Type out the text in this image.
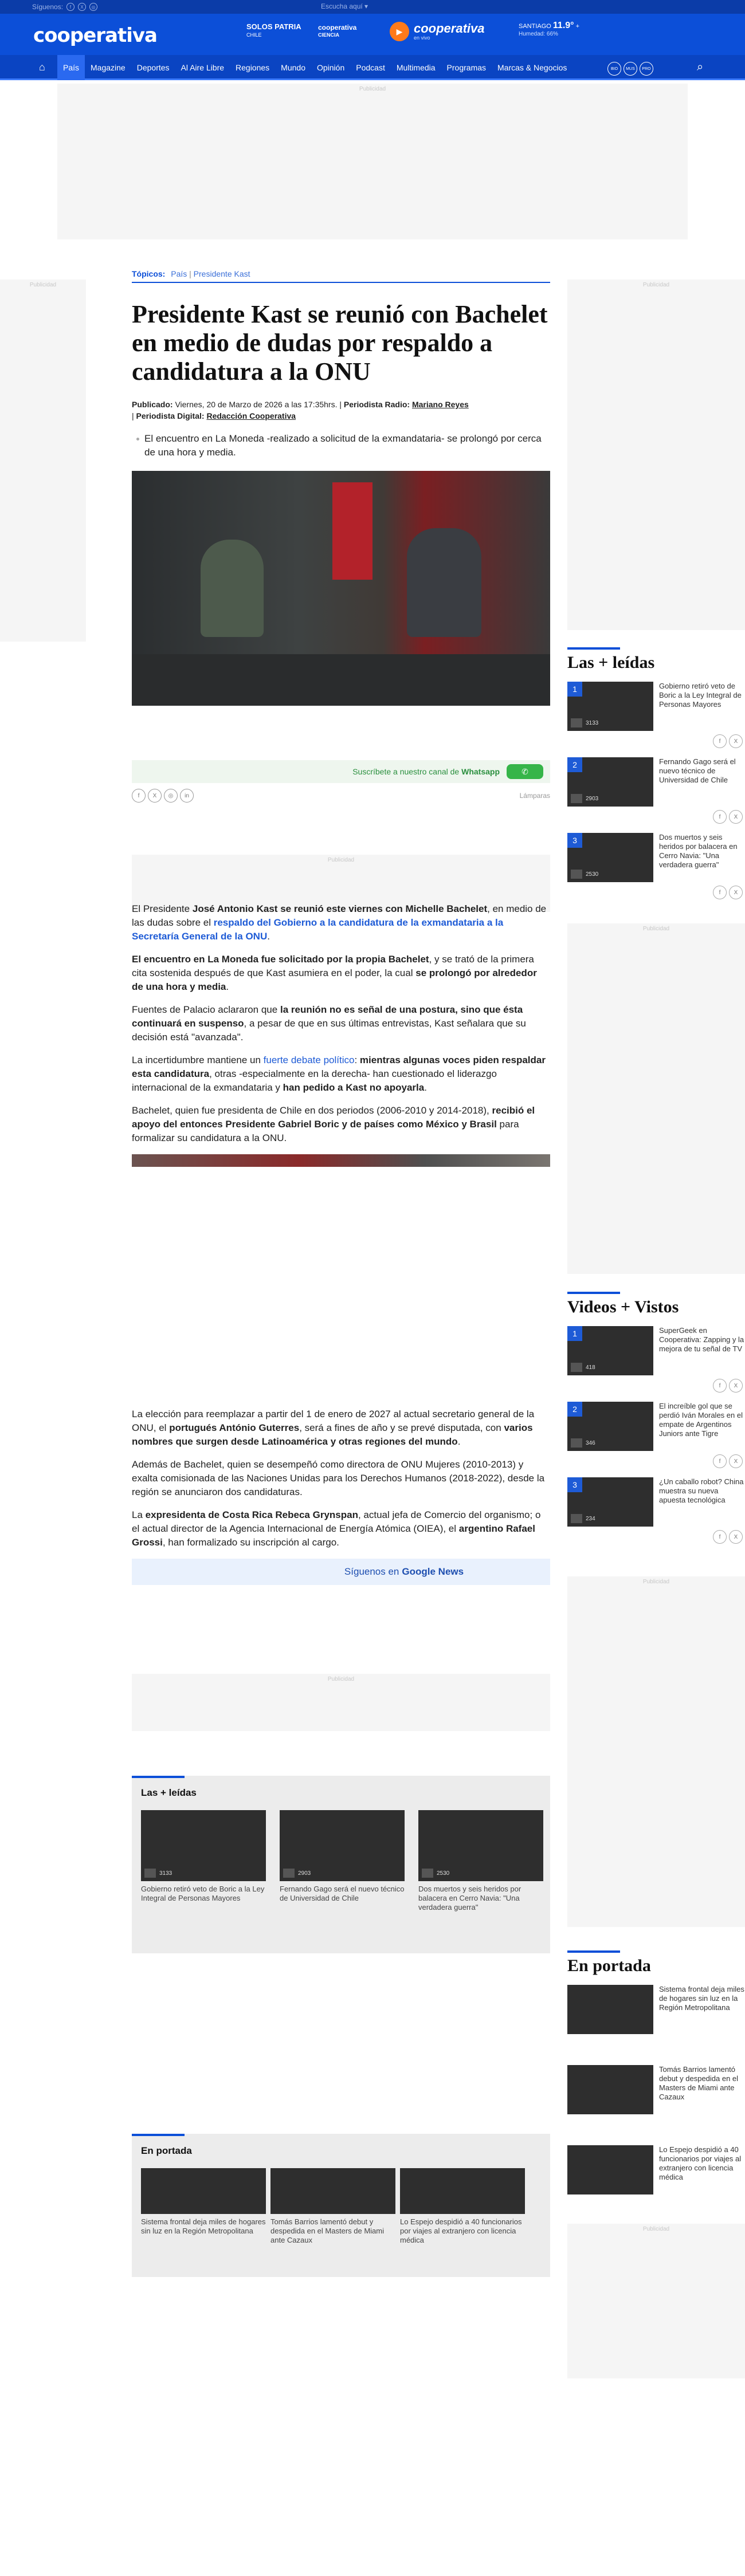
Síguenos:	f	X	◎	Escucha aquí ▾
cooperativa	SOLOS PATRIA
CHILE
cooperativa
CIENCIA	▶ cooperativa
en vivo
SANTIAGO 11.9° +
Humedad: 66%
⌂	País	Magazine	Deportes	Al Aire Libre	Regiones	Mundo	Opinión	Podcast	Multimedia	Programas	Marcas & Negocios	BIO	MUS	PRO	⌕
Publicidad
Publicidad	Publicidad
Publicidad
Publicidad
Publicidad
Publicidad
Publicidad
Tópicos: País | Presidente Kast
Presidente Kast se reunió con Bachelet en medio de dudas por respaldo a candidatura a la ONU
Publicado: Viernes, 20 de Marzo de 2026 a las 17:35hrs. | Periodista Radio: Mariano Reyes
| Periodista Digital: Redacción Cooperativa
El encuentro en La Moneda -realizado a solicitud de la exmandataria- se prolongó por cerca de una hora y media.
Suscríbete a nuestro canal de Whatsapp	✆
f	X	◎	in	Lámparas

El Presidente José Antonio Kast se reunió este viernes con Michelle Bachelet, en medio de las dudas sobre el respaldo del Gobierno a la candidatura de la exmandataria a la Secretaría General de la ONU.

El encuentro en La Moneda fue solicitado por la propia Bachelet, y se trató de la primera cita sostenida después de que Kast asumiera en el poder, la cual se prolongó por alrededor de una hora y media.

Fuentes de Palacio aclararon que la reunión no es señal de una postura, sino que ésta continuará en suspenso, a pesar de que en sus últimas entrevistas, Kast señalara que su decisión está "avanzada".

La incertidumbre mantiene un fuerte debate político: mientras algunas voces piden respaldar esta candidatura, otras -especialmente en la derecha- han cuestionado el liderazgo internacional de la exmandataria y han pedido a Kast no apoyarla.

Bachelet, quien fue presidenta de Chile en dos periodos (2006-2010 y 2014-2018), recibió el apoyo del entonces Presidente Gabriel Boric y de países como México y Brasil para formalizar su candidatura a la ONU.

La elección para reemplazar a partir del 1 de enero de 2027 al actual secretario general de la ONU, el portugués António Guterres, será a fines de año y se prevé disputada, con varios nombres que surgen desde Latinoamérica y otras regiones del mundo.

Además de Bachelet, quien se desempeñó como directora de ONU Mujeres (2010-2013) y exalta comisionada de las Naciones Unidas para los Derechos Humanos (2018-2022), desde la región se anunciaron dos candidaturas.

La expresidenta de Costa Rica Rebeca Grynspan, actual jefa de Comercio del organismo; o el actual director de la Agencia Internacional de Energía Atómica (OIEA), el argentino Rafael Grossi, han formalizado su inscripción al cargo.

Síguenos en Google News
Las + leídas
3133

Gobierno retiró veto de Boric a la Ley Integral de Personas Mayores

2903

Fernando Gago será el nuevo técnico de Universidad de Chile

2530

Dos muertos y seis heridos por balacera en Cerro Navia: "Una verdadera guerra"

En portada

Sistema frontal deja miles de hogares sin luz en la Región Metropolitana

Tomás Barrios lamentó debut y despedida en el Masters de Miami ante Cazaux

Lo Espejo despidió a 40 funcionarios por viajes al extranjero con licencia médica

Las + leídas
1
3133

Gobierno retiró veto de Boric a la Ley Integral de Personas Mayores

f	X
2
2903

Fernando Gago será el nuevo técnico de Universidad de Chile

f	X
3
2530

Dos muertos y seis heridos por balacera en Cerro Navia: "Una verdadera guerra"

f	X
Videos + Vistos
1
418

SuperGeek en Cooperativa: Zapping y la mejora de tu señal de TV

f	X
2
346

El increíble gol que se perdió Iván Morales en el empate de Argentinos Juniors ante Tigre

f	X
3
234

¿Un caballo robot? China muestra su nueva apuesta tecnológica

f	X
En portada

Sistema frontal deja miles de hogares sin luz en la Región Metropolitana

Tomás Barrios lamentó debut y despedida en el Masters de Miami ante Cazaux

Lo Espejo despidió a 40 funcionarios por viajes al extranjero con licencia médica
